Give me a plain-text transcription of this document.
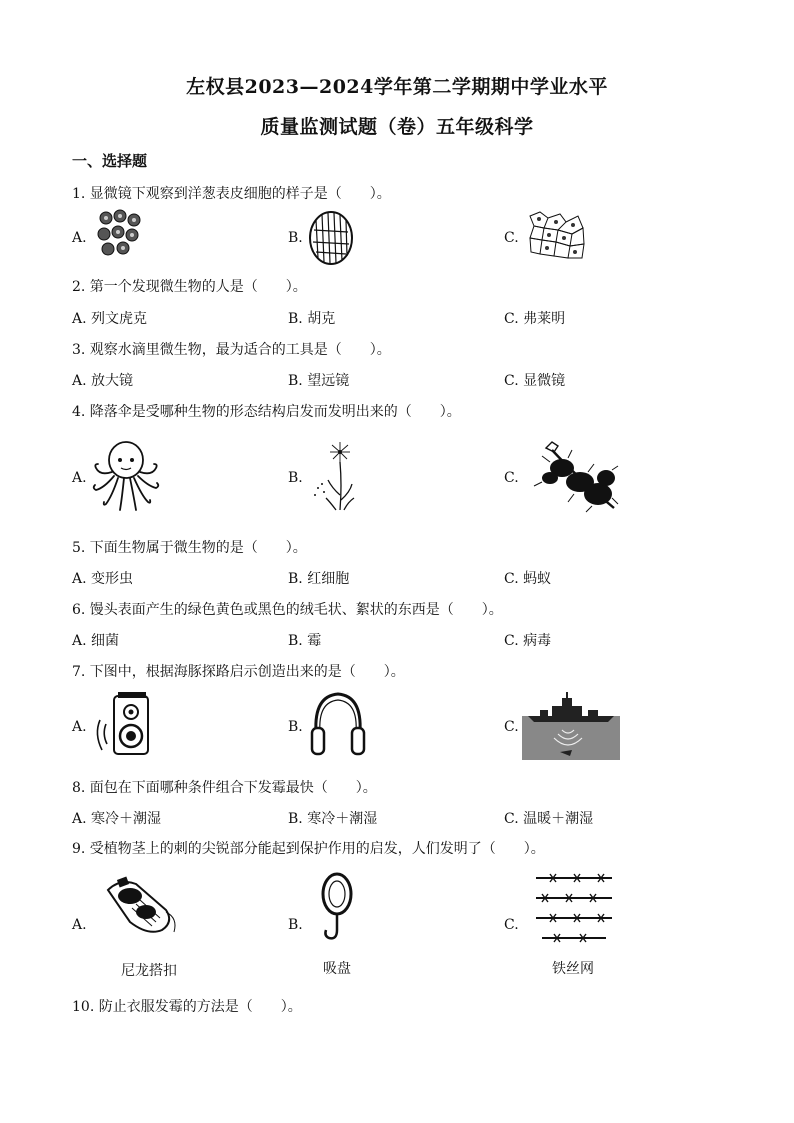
左权县2023—2024学年第二学期期中学业水平
质量监测试题（卷）五年级科学
一、选择题
1. 显微镜下观察到洋葱表皮细胞的样子是（　　）。
A.	B.	C.
2. 第一个发现微生物的人是（　　）。
A. 列文虎克	B. 胡克	C. 弗莱明
3. 观察水滴里微生物，最为适合的工具是（　　）。
A. 放大镜	B. 望远镜	C. 显微镜
4. 降落伞是受哪种生物的形态结构启发而发明出来的（　　）。
A.	B.	C.
5. 下面生物属于微生物的是（　　）。
A. 变形虫	B. 红细胞	C. 蚂蚁
6. 馒头表面产生的绿色黄色或黑色的绒毛状、絮状的东西是（　　）。
A. 细菌	B. 霉	C. 病毒
7. 下图中，根据海豚探路启示创造出来的是（　　）。
A.	B.	C.
8. 面包在下面哪种条件组合下发霉最快（　　）。
A. 寒冷＋潮湿	B. 寒冷＋潮湿	C. 温暖＋潮湿
9. 受植物茎上的刺的尖锐部分能起到保护作用的启发，人们发明了（　　）。
A.
尼龙搭扣
B.
吸盘
C.
铁丝网
10. 防止衣服发霉的方法是（　　）。
